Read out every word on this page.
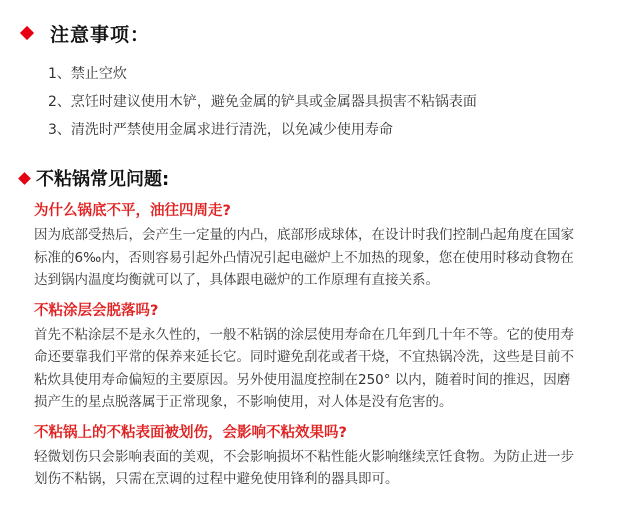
注意事项：
1、禁止空炊
2、烹饪时建议使用木铲，避免金属的铲具或金属器具损害不粘锅表面
3、清洗时严禁使用金属求进行清洗，以免减少使用寿命
不粘锅常见问题:
为什么锅底不平，油往四周走?
因为底部受热后，会产生一定量的内凸，底部形成球体，在设计时我们控制凸起角度在国家
标准的6‰内，否则容易引起外凸情况引起电磁炉上不加热的现象，您在使用时移动食物在
达到锅内温度均衡就可以了，具体跟电磁炉的工作原理有直接关系。
不粘涂层会脱落吗?
首先不粘涂层不是永久性的，一般不粘锅的涂层使用寿命在几年到几十年不等。它的使用寿
命还要靠我们平常的保养来延长它。同时避免刮花或者干烧，不宜热锅冷洗，这些是目前不
粘炊具使用寿命偏短的主要原因。另外使用温度控制在250° 以内，随着时间的推迟，因磨
损产生的星点脱落属于正常现象，不影响使用，对人体是没有危害的。
不粘锅上的不粘表面被划伤，会影响不粘效果吗?
轻微划伤只会影响表面的美观，不会影响损坏不粘性能火影响继续烹饪食物。为防止进一步
划伤不粘锅，只需在烹调的过程中避免使用锋利的器具即可。
